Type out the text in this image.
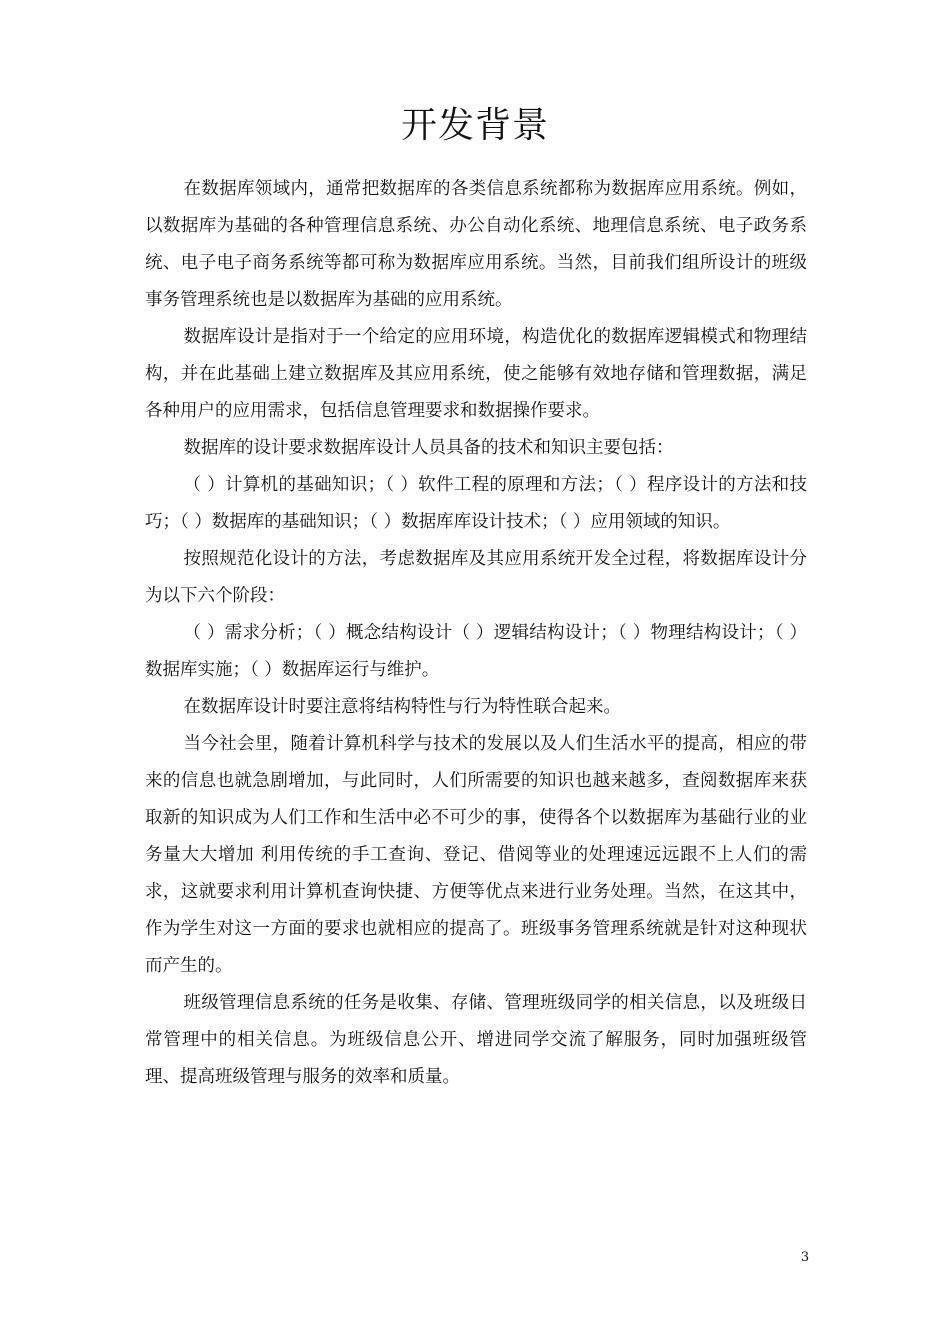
开发背景

在数据库领域内，通常把数据库的各类信息系统都称为数据库应用系统。例如，以数据库为基础的各种管理信息系统、办公自动化系统、地理信息系统、电子政务系统、电子电子商务系统等都可称为数据库应用系统。当然，目前我们组所设计的班级事务管理系统也是以数据库为基础的应用系统。

数据库设计是指对于一个给定的应用环境，构造优化的数据库逻辑模式和物理结构，并在此基础上建立数据库及其应用系统，使之能够有效地存储和管理数据，满足各种用户的应用需求，包括信息管理要求和数据操作要求。

数据库的设计要求数据库设计人员具备的技术和知识主要包括：

（ ）计算机的基础知识；（ ）软件工程的原理和方法；（ ）程序设计的方法和技巧；（ ）数据库的基础知识；（ ）数据库库设计技术；（ ）应用领域的知识。

按照规范化设计的方法，考虑数据库及其应用系统开发全过程，将数据库设计分为以下六个阶段：

（ ）需求分析；（ ）概念结构设计（ ）逻辑结构设计；（ ）物理结构设计；（ ）数据库实施；（ ）数据库运行与维护。

在数据库设计时要注意将结构特性与行为特性联合起来。

当今社会里，随着计算机科学与技术的发展以及人们生活水平的提高，相应的带来的信息也就急剧增加，与此同时，人们所需要的知识也越来越多，查阅数据库来获取新的知识成为人们工作和生活中必不可少的事，使得各个以数据库为基础行业的业务量大大增加 利用传统的手工查询、登记、借阅等业的处理速远远跟不上人们的需求，这就要求利用计算机查询快捷、方便等优点来进行业务处理。当然，在这其中，作为学生对这一方面的要求也就相应的提高了。班级事务管理系统就是针对这种现状而产生的。

班级管理信息系统的任务是收集、存储、管理班级同学的相关信息，以及班级日常管理中的相关信息。为班级信息公开、增进同学交流了解服务，同时加强班级管理、提高班级管理与服务的效率和质量。

3
